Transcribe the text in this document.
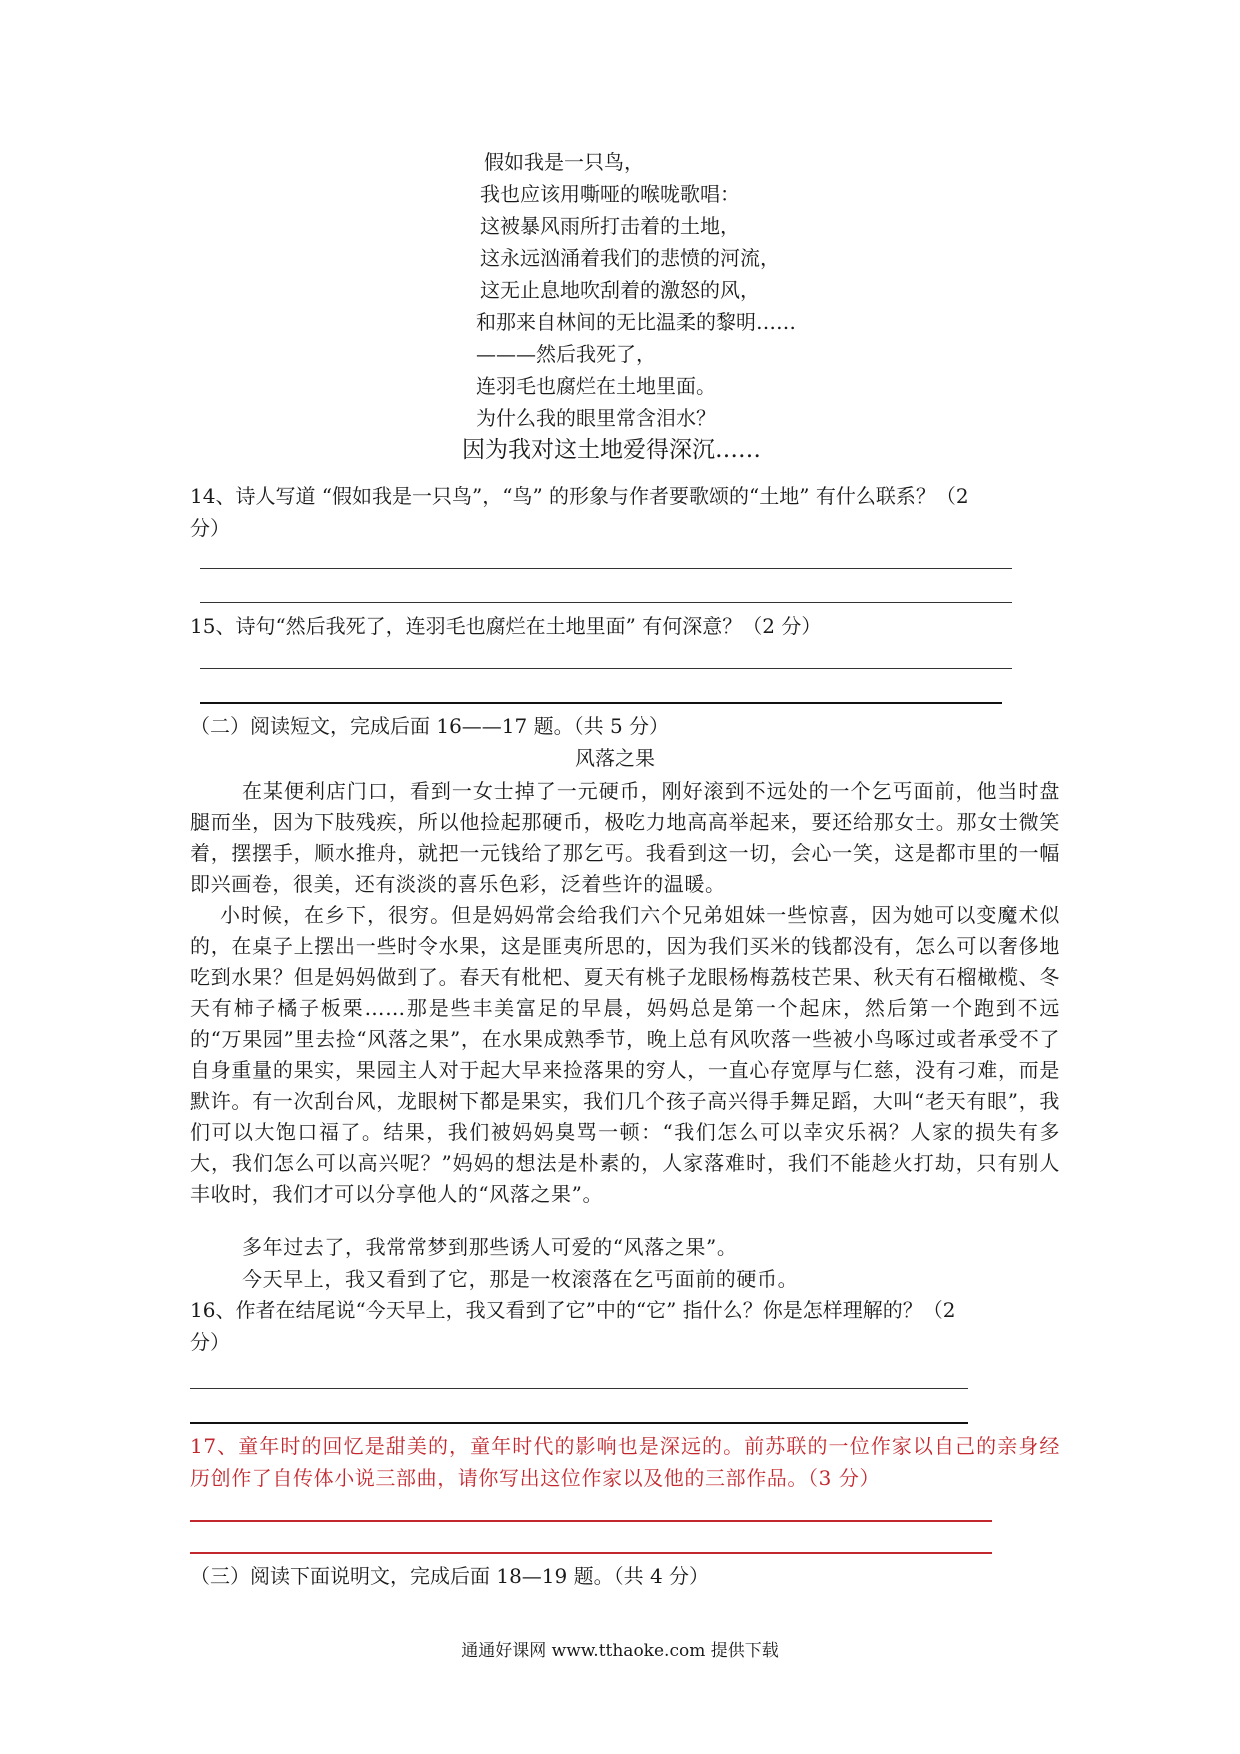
假如我是一只鸟，
我也应该用嘶哑的喉咙歌唱：
这被暴风雨所打击着的土地，
这永远汹涌着我们的悲愤的河流，
这无止息地吹刮着的激怒的风，
和那来自林间的无比温柔的黎明……
———然后我死了，
连羽毛也腐烂在土地里面。
为什么我的眼里常含泪水？
因为我对这土地爱得深沉……
14、诗人写道 “假如我是一只鸟”，“鸟” 的形象与作者要歌颂的“土地” 有什么联系？（2
分）
15、诗句“然后我死了，连羽毛也腐烂在土地里面” 有何深意？（2 分）
（二）阅读短文，完成后面 16——17 题。（共 5 分）
风落之果
在某便利店门口，看到一女士掉了一元硬币，刚好滚到不远处的一个乞丐面前，他当时盘腿而坐，因为下肢残疾，所以他捡起那硬币，极吃力地高高举起来，要还给那女士。那女士微笑着，摆摆手，顺水推舟，就把一元钱给了那乞丐。我看到这一切，会心一笑，这是都市里的一幅即兴画卷，很美，还有淡淡的喜乐色彩，泛着些许的温暖。
小时候，在乡下，很穷。但是妈妈常会给我们六个兄弟姐妹一些惊喜，因为她可以变魔术似的，在桌子上摆出一些时令水果，这是匪夷所思的，因为我们买米的钱都没有，怎么可以奢侈地吃到水果？但是妈妈做到了。春天有枇杷、夏天有桃子龙眼杨梅荔枝芒果、秋天有石榴橄榄、冬天有柿子橘子板栗……那是些丰美富足的早晨，妈妈总是第一个起床，然后第一个跑到不远的“万果园”里去捡“风落之果”，在水果成熟季节，晚上总有风吹落一些被小鸟啄过或者承受不了自身重量的果实，果园主人对于起大早来捡落果的穷人，一直心存宽厚与仁慈，没有刁难，而是默许。有一次刮台风，龙眼树下都是果实，我们几个孩子高兴得手舞足蹈，大叫“老天有眼”，我们可以大饱口福了。结果，我们被妈妈臭骂一顿：“我们怎么可以幸灾乐祸？人家的损失有多大，我们怎么可以高兴呢？”妈妈的想法是朴素的，人家落难时，我们不能趁火打劫，只有别人丰收时，我们才可以分享他人的“风落之果”。
多年过去了，我常常梦到那些诱人可爱的“风落之果”。
今天早上，我又看到了它，那是一枚滚落在乞丐面前的硬币。
16、作者在结尾说“今天早上，我又看到了它”中的“它” 指什么？你是怎样理解的？（2
分）
17、童年时的回忆是甜美的，童年时代的影响也是深远的。前苏联的一位作家以自己的亲身经历创作了自传体小说三部曲，请你写出这位作家以及他的三部作品。（3 分）
（三）阅读下面说明文，完成后面 18—19 题。（共 4 分）
通通好课网 www.tthaoke.com 提供下载
